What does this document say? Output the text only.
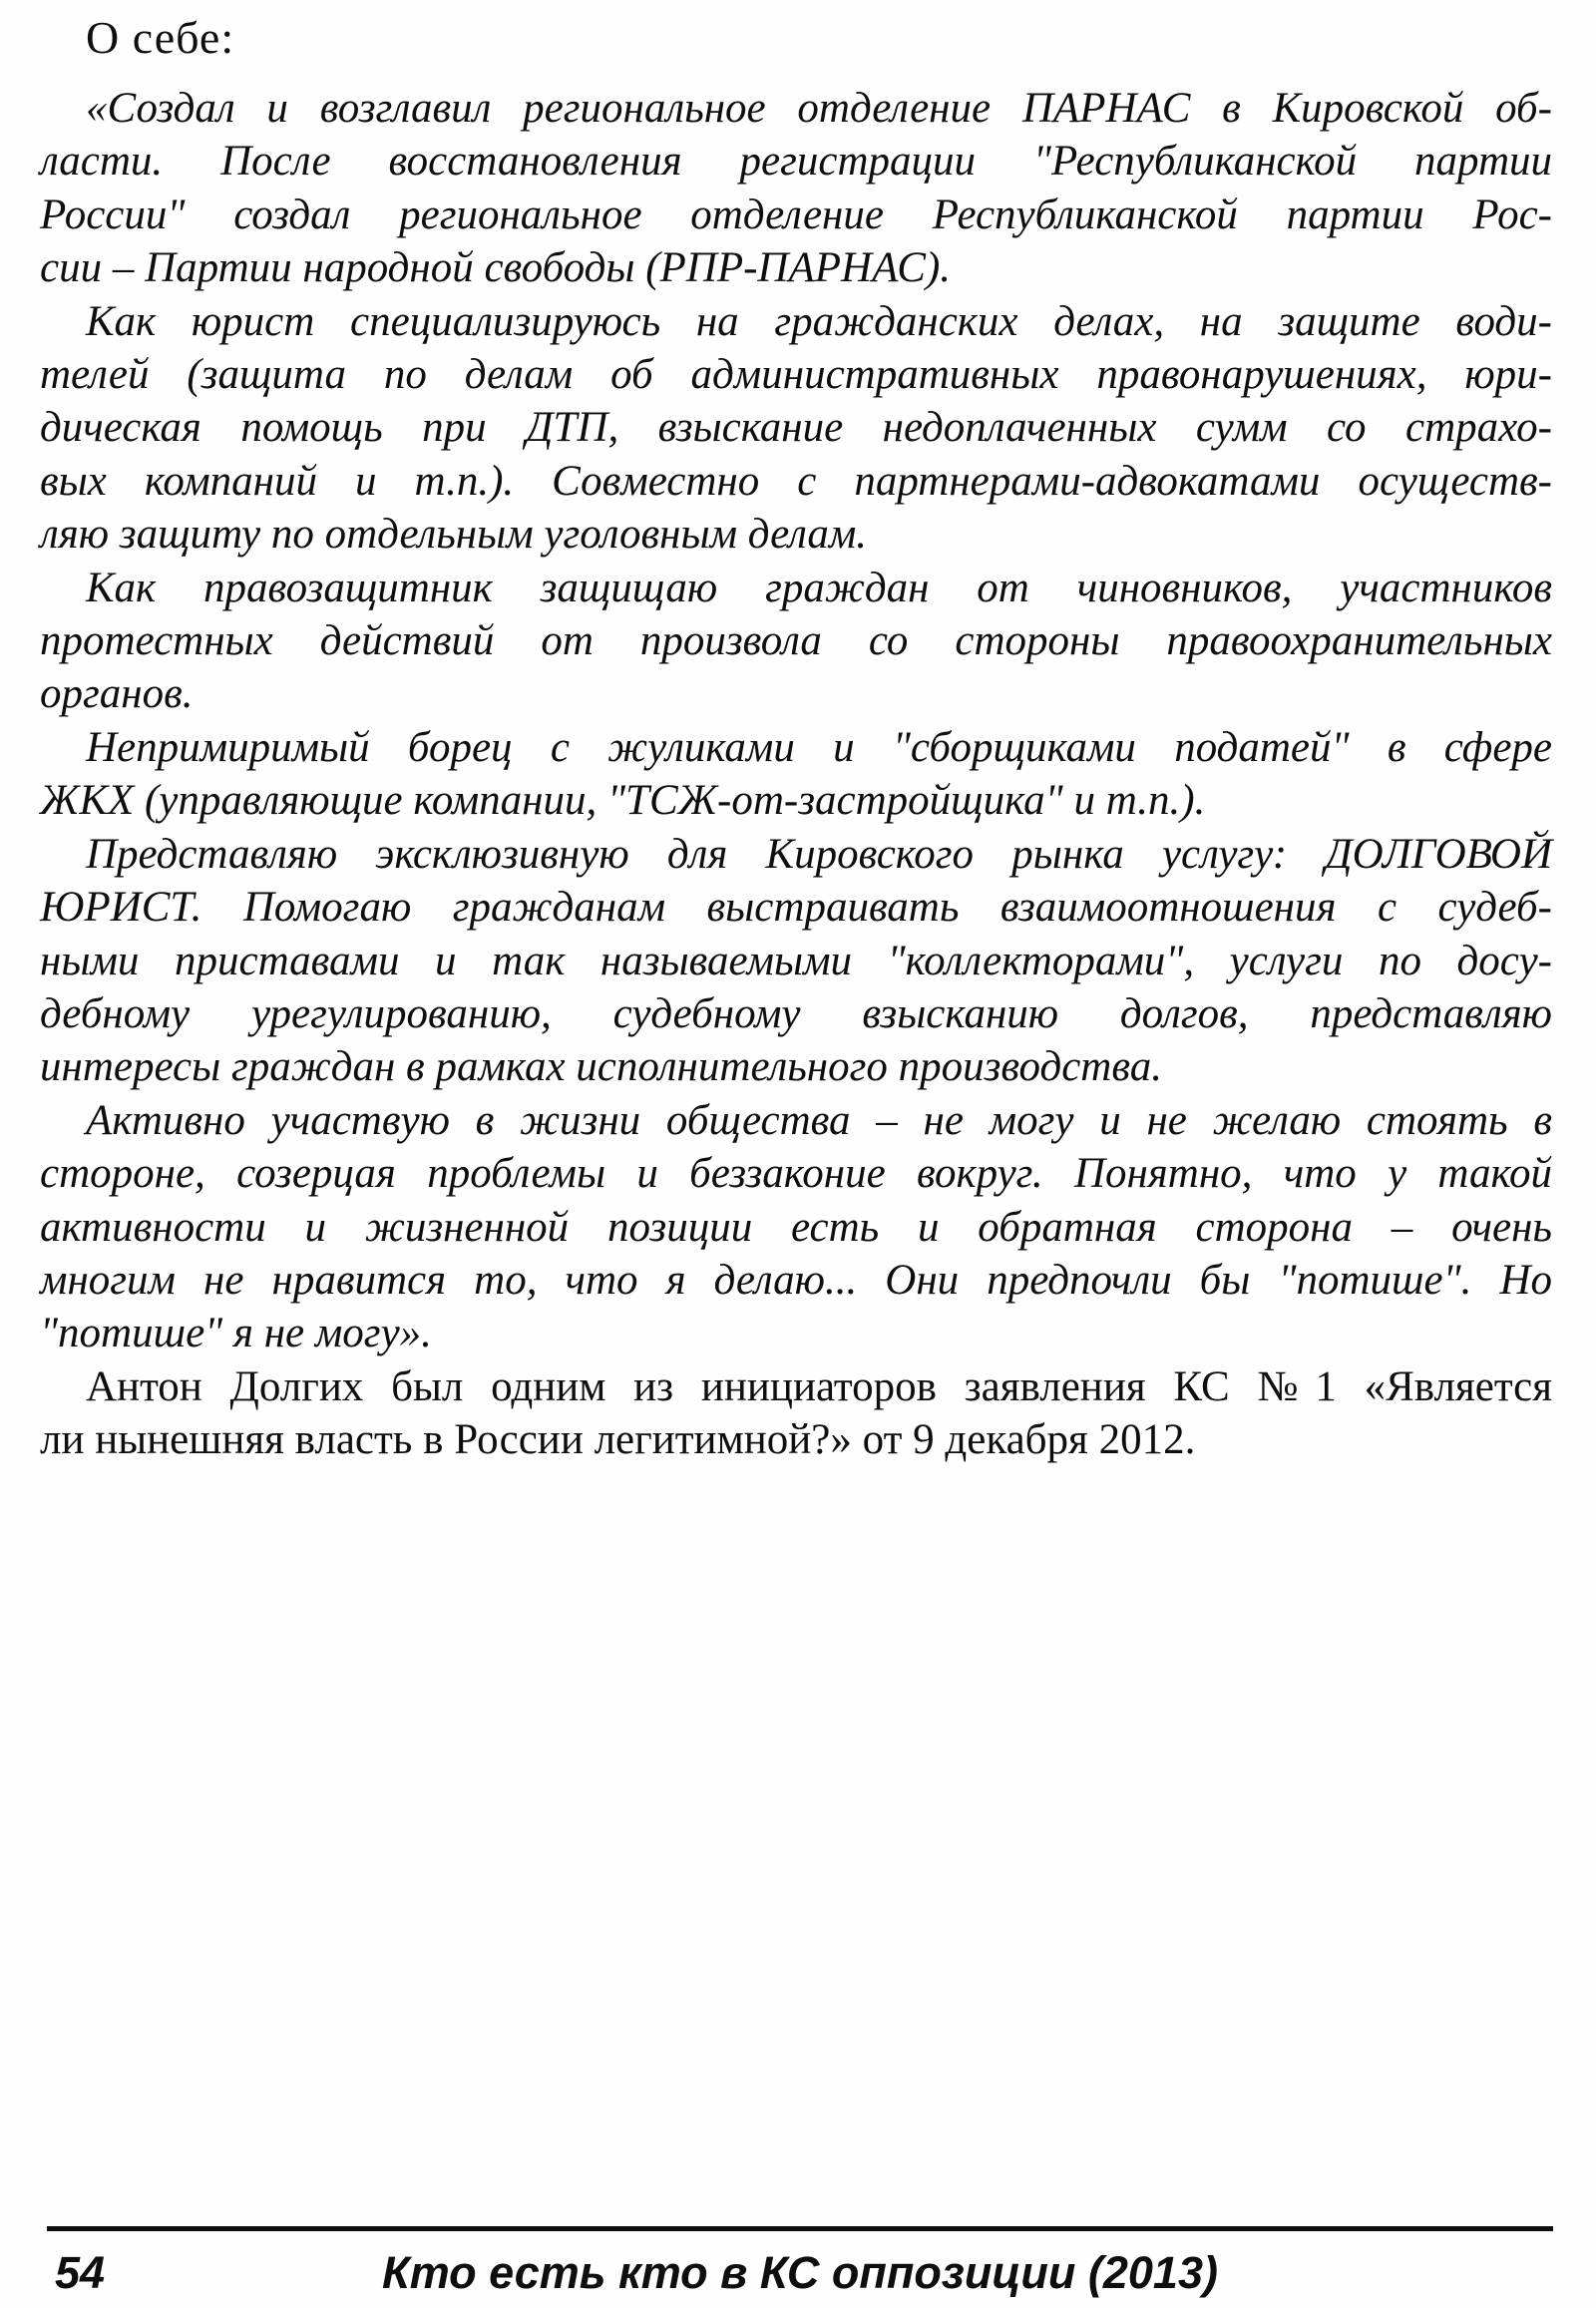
О себе:
«Создал и возглавил региональное отделение ПАРНАС в Кировской об-
ласти. После восстановления регистрации "Республиканской партии
России" создал региональное отделение Республиканской партии Рос-
сии – Партии народной свободы (РПР-ПАРНАС).
Как юрист специализируюсь на гражданских делах, на защите води-
телей (защита по делам об административных правонарушениях, юри-
дическая помощь при ДТП, взыскание недоплаченных сумм со страхо-
вых компаний и т.п.). Совместно с партнерами-адвокатами осуществ-
ляю защиту по отдельным уголовным делам.
Как правозащитник защищаю граждан от чиновников, участников
протестных действий от произвола со стороны правоохранительных
органов.
Непримиримый борец с жуликами и "сборщиками податей" в сфере
ЖКХ (управляющие компании, "ТСЖ-от-застройщика" и т.п.).
Представляю эксклюзивную для Кировского рынка услугу: ДОЛГОВОЙ
ЮРИСТ. Помогаю гражданам выстраивать взаимоотношения с судеб-
ными приставами и так называемыми "коллекторами", услуги по досу-
дебному урегулированию, судебному взысканию долгов, представляю
интересы граждан в рамках исполнительного производства.
Активно участвую в жизни общества – не могу и не желаю стоять в
стороне, созерцая проблемы и беззаконие вокруг. Понятно, что у такой
активности и жизненной позиции есть и обратная сторона – очень
многим не нравится то, что я делаю... Они предпочли бы "потише". Но
"потише" я не могу».
Антон Долгих был одним из инициаторов заявления КС №1 «Является
ли нынешняя власть в России легитимной?» от 9 декабря 2012.
54	Кто есть кто в КС оппозиции (2013)
